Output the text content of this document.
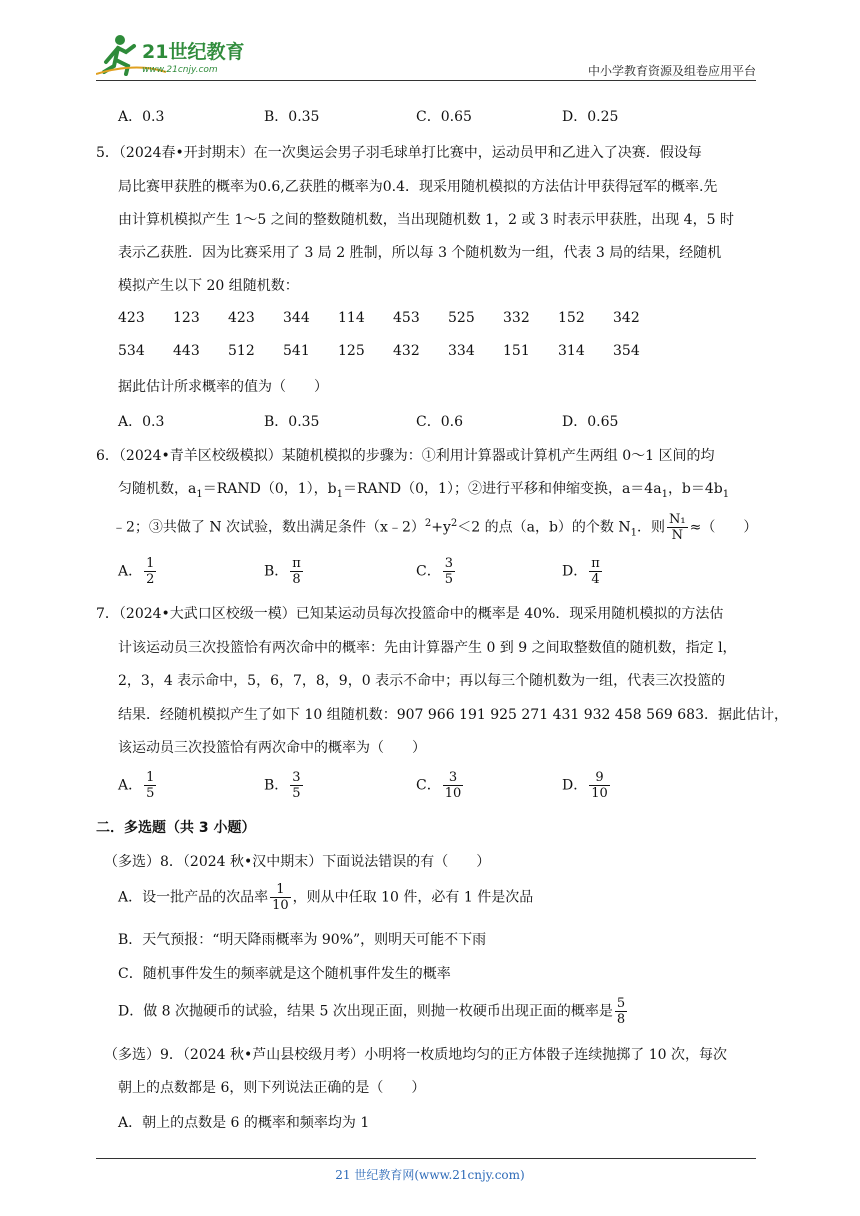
21世纪教育
www.21cnjy.com	中小学教育资源及组卷应用平台
A．0.3	B．0.35	C．0.65	D．0.25
5．（2024春•开封期末）在一次奥运会男子羽毛球单打比赛中，运动员甲和乙进入了决赛．假设每
局比赛甲获胜的概率为0.6,乙获胜的概率为0.4．现采用随机模拟的方法估计甲获得冠军的概率.先
由计算机模拟产生 1～5 之间的整数随机数，当出现随机数 1，2 或 3 时表示甲获胜，出现 4，5 时
表示乙获胜．因为比赛采用了 3 局 2 胜制，所以每 3 个随机数为一组，代表 3 局的结果，经随机
模拟产生以下 20 组随机数：
423 123 423 344 114 453 525 332 152 342
534 443 512 541 125 432 334 151 314 354
据此估计所求概率的值为（　　）
A．0.3	B．0.35	C．0.6	D．0.65
6．（2024•青羊区校级模拟）某随机模拟的步骤为：①利用计算器或计算机产生两组 0～1 区间的均
匀随机数，$a_1=RAND(0$，1），$b_1=RAND(0$，1）；②进行平移和伸缩变换，$a=4a_1$，$b=4b_1$
﹣2；③共做了 N 次试验，数出满足条件$(x﹣2)^2+y^2<2$ 的点（a，b）的个数 $N_1$．则 $\frac{\text{N₁}}{N}$ ≈（　　）
A． $\frac{1}{2}$	B． $\frac{\pi}{8}$	C． $\frac{3}{5}$	D． $\frac{\pi}{4}$
7．（2024•大武口区校级一模）已知某运动员每次投篮命中的概率是 40%．现采用随机模拟的方法估
计该运动员三次投篮恰有两次命中的概率：先由计算器产生 0 到 9 之间取整数值的随机数，指定 l，
2，3，4 表示命中，5，6，7，8，9，0 表示不命中；再以每三个随机数为一组，代表三次投篮的
结果．经随机模拟产生了如下 10 组随机数：907 966 191 925 271 431 932 458 569 683．据此估计，
该运动员三次投篮恰有两次命中的概率为（　　）
A． $\frac{1}{5}$	B． $\frac{3}{5}$	C． $\frac{3}{10}$	D． $\frac{9}{10}$
二．多选题（共 3 小题）
（多选）8．（2024 秋•汉中期末）下面说法错误的有（　　）
A．设一批产品的次品率 $\frac{1}{10}$ ，则从中任取 10 件，必有 1 件是次品
B．天气预报：“明天降雨概率为 90%”，则明天可能不下雨
C．随机事件发生的频率就是这个随机事件发生的概率
D．做 8 次抛硬币的试验，结果 5 次出现正面，则抛一枚硬币出现正面的概率是 $\frac{5}{8}$
（多选）9．（2024 秋•芦山县校级月考）小明将一枚质地均匀的正方体骰子连续抛掷了 10 次，每次
朝上的点数都是 6，则下列说法正确的是（　　）
A．朝上的点数是 6 的概率和频率均为 1
21 世纪教育网(www.21cnjy.com)
